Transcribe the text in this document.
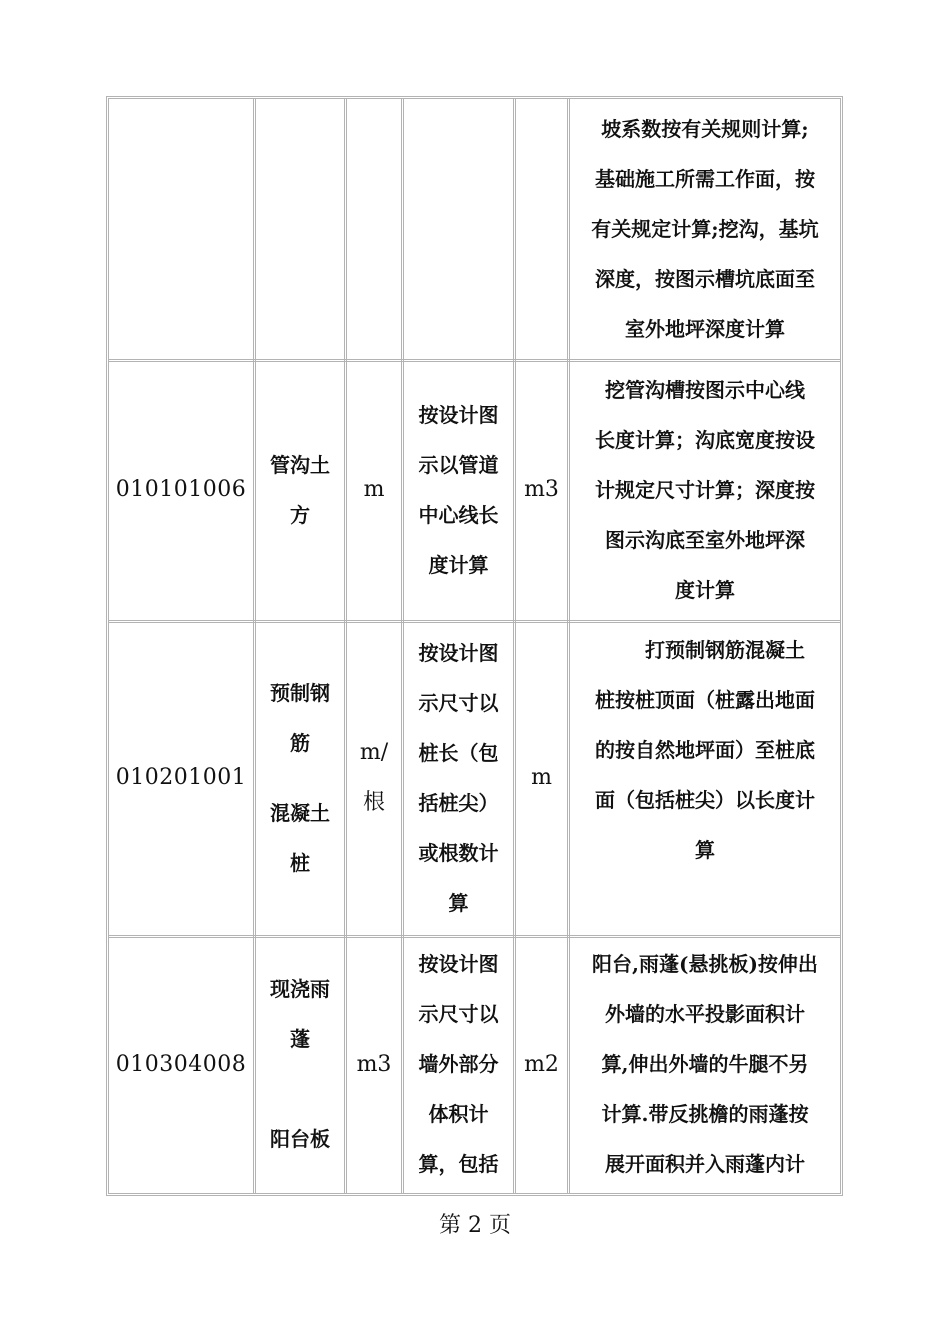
坡系数按有关规则计算;
基础施工所需工作面，按
有关规定计算;挖沟，基坑
深度，按图示槽坑底面至
室外地坪深度计算
010101006
管沟土
方
m
按设计图
示以管道
中心线长
度计算
m3
挖管沟槽按图示中心线
长度计算；沟底宽度按设
计规定尺寸计算；深度按
图示沟底至室外地坪深
度计算
010201001
预制钢
筋
混凝土
桩
m/
根
按设计图
示尺寸以
桩长（包
括桩尖）
或根数计
算
m
　　打预制钢筋混凝土
桩按桩顶面（桩露出地面
的按自然地坪面）至桩底
面（包括桩尖）以长度计
算
010304008
现浇雨
蓬
阳台板
m3
按设计图
示尺寸以
墙外部分
体积计
算，包括
m2
阳台,雨蓬(悬挑板)按伸出
外墙的水平投影面积计
算,伸出外墙的牛腿不另
计算.带反挑檐的雨蓬按
展开面积并入雨蓬内计
第 2 页
